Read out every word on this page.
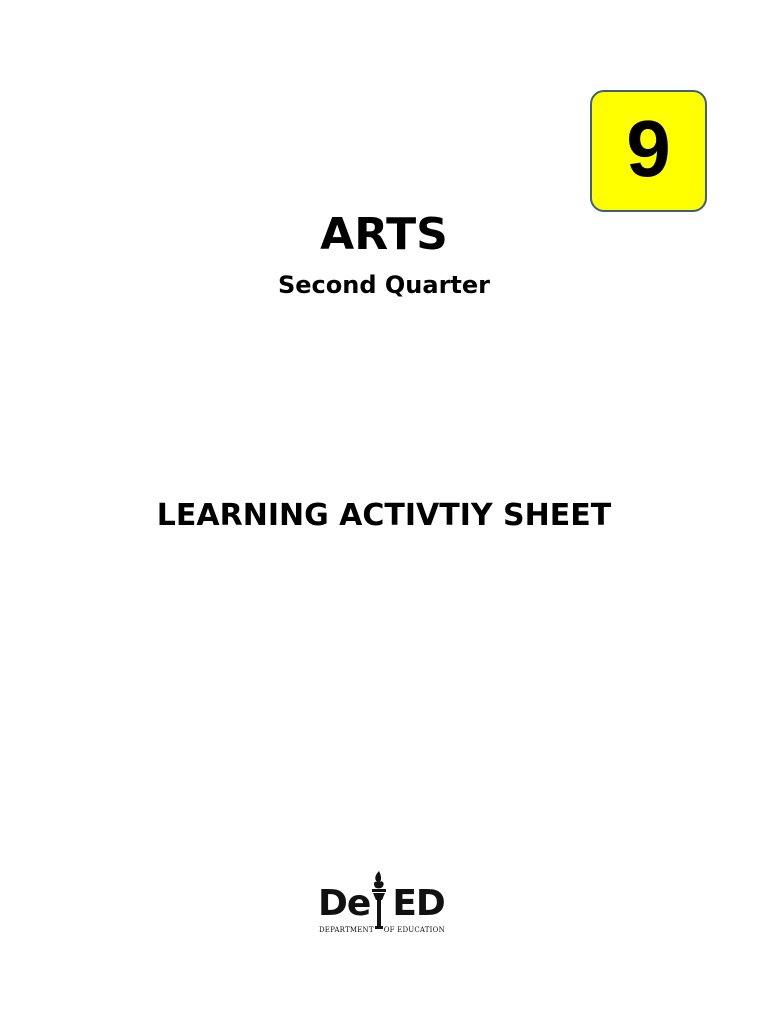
9
ARTS
Second Quarter
LEARNING ACTIVTIY SHEET
De ED
DEPARTMENT OF EDUCATION
